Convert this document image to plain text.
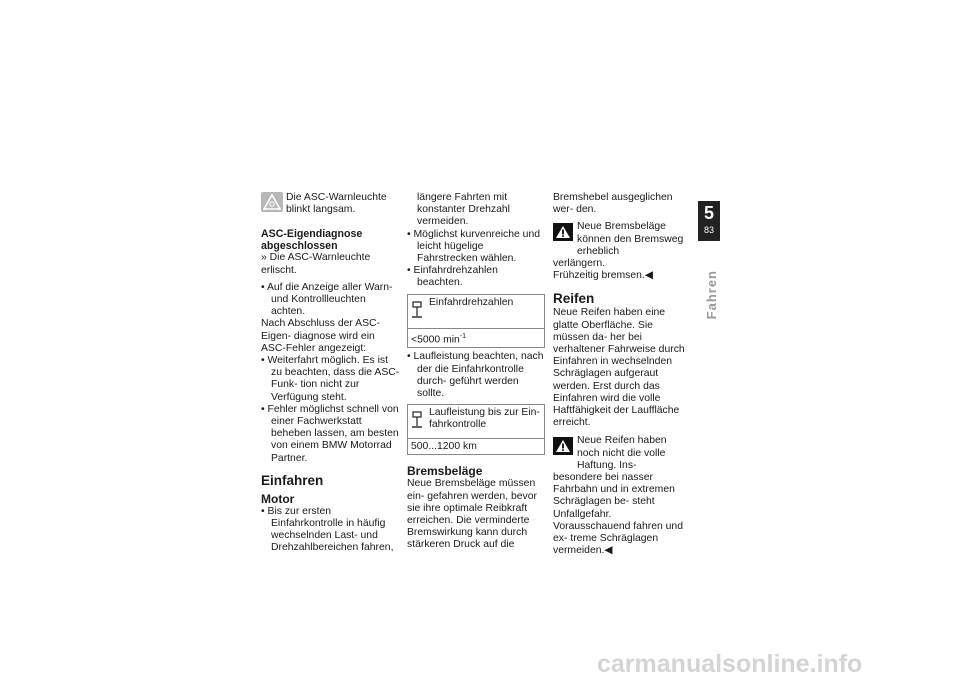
Die ASC-Warnleuchte blinkt langsam.

ASC-Eigendiagnose abgeschlossen

» Die ASC-Warnleuchte erlischt.

• Auf die Anzeige aller Warn- und Kontrollleuchten achten.

Nach Abschluss der ASC-Eigen- diagnose wird ein ASC-Fehler angezeigt:

• Weiterfahrt möglich. Es ist zu beachten, dass die ASC-Funk- tion nicht zur Verfügung steht.

• Fehler möglichst schnell von einer Fachwerkstatt beheben lassen, am besten von einem BMW Motorrad Partner.

Einfahren

Motor

• Bis zur ersten Einfahrkontrolle in häufig wechselnden Last- und Drehzahlbereichen fahren,

längere Fahrten mit konstanter Drehzahl vermeiden.

• Möglichst kurvenreiche und leicht hügelige Fahrstrecken wählen.

• Einfahrdrehzahlen beachten.

Einfahrdrehzahlen

<5000 $\min^{-1}$

• Laufleistung beachten, nach der die Einfahrkontrolle durch- geführt werden sollte.

Laufleistung bis zur Ein- fahrkontrolle

500...1200 km

Bremsbeläge

Neue Bremsbeläge müssen ein- gefahren werden, bevor sie ihre optimale Reibkraft erreichen. Die verminderte Bremswirkung kann durch stärkeren Druck auf die

Bremshebel ausgeglichen wer- den.

Neue Bremsbeläge können den Bremsweg erheblich

verlängern.

Frühzeitig bremsen.◀

Reifen

Neue Reifen haben eine glatte Oberfläche. Sie müssen da- her bei verhaltener Fahrweise durch Einfahren in wechselnden Schräglagen aufgeraut werden. Erst durch das Einfahren wird die volle Haftfähigkeit der Lauffläche erreicht.

Neue Reifen haben noch nicht die volle Haftung. Ins-

besondere bei nasser Fahrbahn und in extremen Schräglagen be- steht Unfallgefahr.

Vorausschauend fahren und ex- treme Schräglagen vermeiden.◀

5
83
Fahren
carmanualsonline.info
